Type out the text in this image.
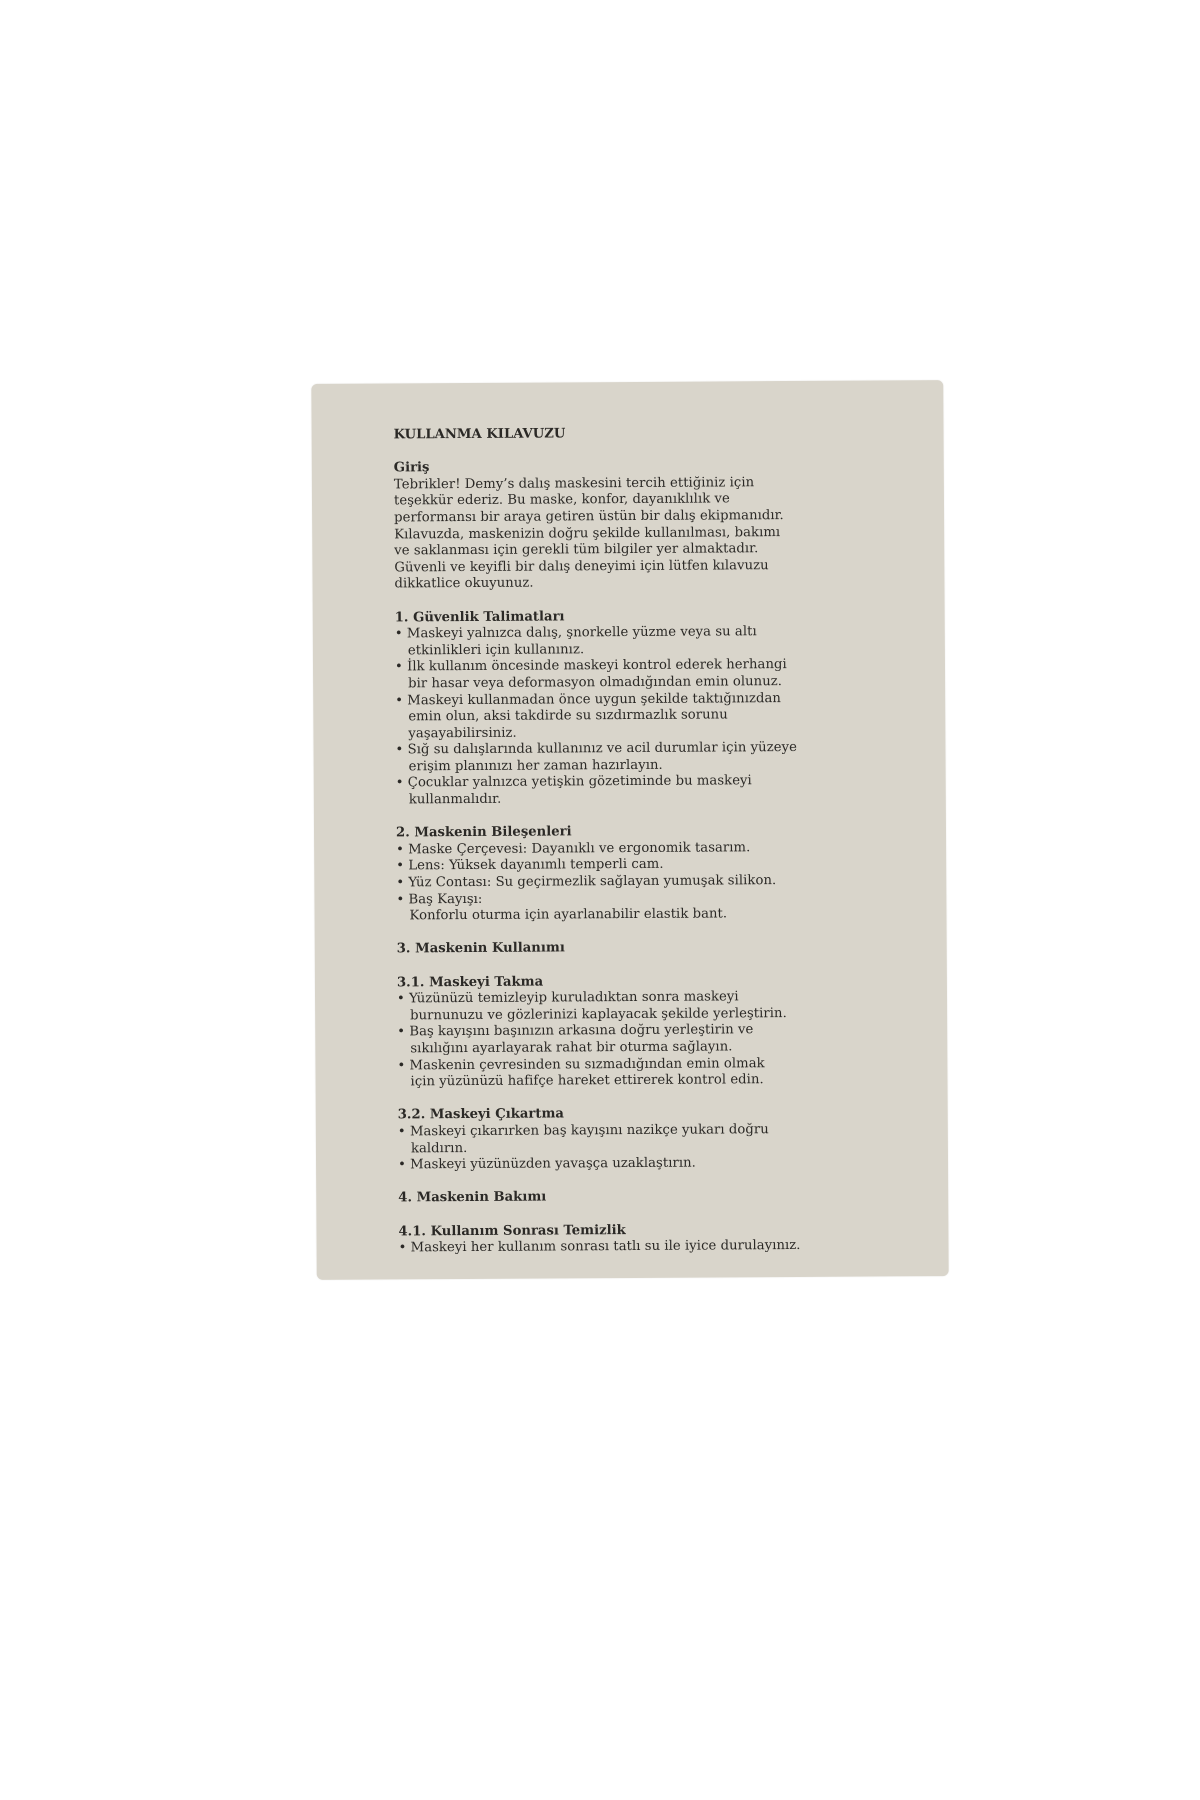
KULLANMA KILAVUZU
Giriş
Tebrikler! Demy’s dalış maskesini tercih ettiğiniz için
teşekkür ederiz. Bu maske, konfor, dayanıklılık ve
performansı bir araya getiren üstün bir dalış ekipmanıdır.
Kılavuzda, maskenizin doğru şekilde kullanılması, bakımı
ve saklanması için gerekli tüm bilgiler yer almaktadır.
Güvenli ve keyifli bir dalış deneyimi için lütfen kılavuzu
dikkatlice okuyunuz.
1. Güvenlik Talimatları
• Maskeyi yalnızca dalış, şnorkelle yüzme veya su altı
etkinlikleri için kullanınız.
• İlk kullanım öncesinde maskeyi kontrol ederek herhangi
bir hasar veya deformasyon olmadığından emin olunuz.
• Maskeyi kullanmadan önce uygun şekilde taktığınızdan
emin olun, aksi takdirde su sızdırmazlık sorunu
yaşayabilirsiniz.
• Sığ su dalışlarında kullanınız ve acil durumlar için yüzeye
erişim planınızı her zaman hazırlayın.
• Çocuklar yalnızca yetişkin gözetiminde bu maskeyi
kullanmalıdır.
2. Maskenin Bileşenleri
• Maske Çerçevesi: Dayanıklı ve ergonomik tasarım.
• Lens: Yüksek dayanımlı temperli cam.
• Yüz Contası: Su geçirmezlik sağlayan yumuşak silikon.
• Baş Kayışı:
Konforlu oturma için ayarlanabilir elastik bant.
3. Maskenin Kullanımı
3.1. Maskeyi Takma
• Yüzünüzü temizleyip kuruladıktan sonra maskeyi
burnunuzu ve gözlerinizi kaplayacak şekilde yerleştirin.
• Baş kayışını başınızın arkasına doğru yerleştirin ve
sıkılığını ayarlayarak rahat bir oturma sağlayın.
• Maskenin çevresinden su sızmadığından emin olmak
için yüzünüzü hafifçe hareket ettirerek kontrol edin.
3.2. Maskeyi Çıkartma
• Maskeyi çıkarırken baş kayışını nazikçe yukarı doğru
kaldırın.
• Maskeyi yüzünüzden yavaşça uzaklaştırın.
4. Maskenin Bakımı
4.1. Kullanım Sonrası Temizlik
• Maskeyi her kullanım sonrası tatlı su ile iyice durulayınız.
